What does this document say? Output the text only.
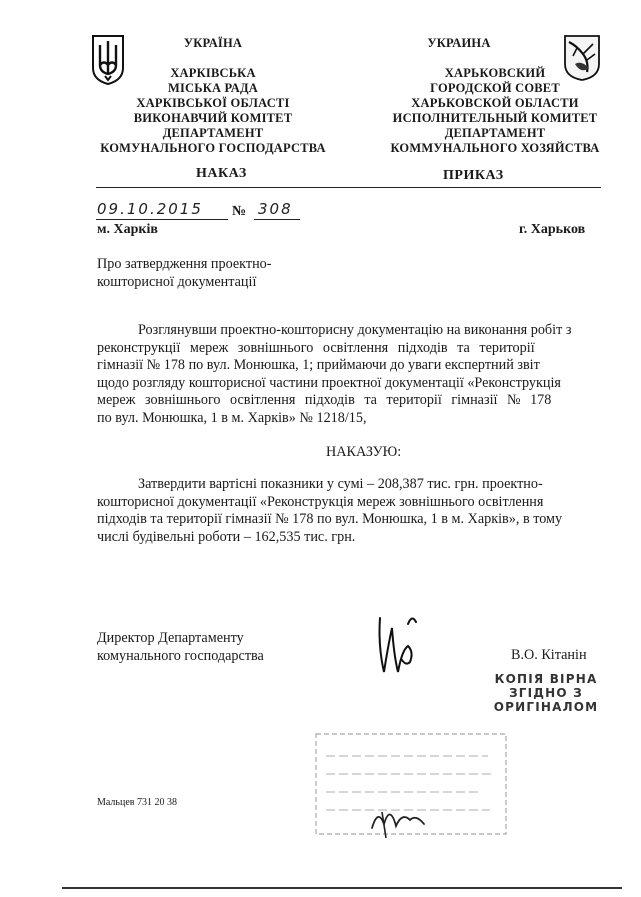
УКРАЇНА
ХАРКІВСЬКА
МІСЬКА РАДА
ХАРКІВСЬКОЇ ОБЛАСТІ
ВИКОНАВЧИЙ КОМІТЕТ
ДЕПАРТАМЕНТ
КОМУНАЛЬНОГО ГОСПОДАРСТВА
УКРАИНА
ХАРЬКОВСКИЙ
ГОРОДСКОЙ СОВЕТ
ХАРЬКОВСКОЙ ОБЛАСТИ
ИСПОЛНИТЕЛЬНЫЙ КОМИТЕТ
ДЕПАРТАМЕНТ
КОММУНАЛЬНОГО ХОЗЯЙСТВА
НАКАЗ	ПРИКАЗ
09.10.2015 № 308
м. Харків	г. Харьков
Про затвердження проектно-
кошторисної документації
Розглянувши проектно-кошторисну документацію на виконання робіт з
реконструкції мереж зовнішнього освітлення підходів та території
гімназії № 178 по вул. Монюшка, 1; приймаючи до уваги експертний звіт
щодо розгляду кошторисної частини проектної документації «Реконструкція
мереж зовнішнього освітлення підходів та території гімназії № 178
по вул. Монюшка, 1 в м. Харків» № 1218/15,
НАКАЗУЮ:
Затвердити вартісні показники у сумі – 208,387 тис. грн. проектно-
кошторисної документації «Реконструкція мереж зовнішнього освітлення
підходів та території гімназії № 178 по вул. Монюшка, 1 в м. Харків», в тому
числі будівельні роботи – 162,535 тис. грн.
Директор Департаменту
комунального господарства	В.О. Кітанін
КОПІЯ ВІРНА
ЗГІДНО З
ОРИГІНАЛОМ
Мальцев 731 20 38
